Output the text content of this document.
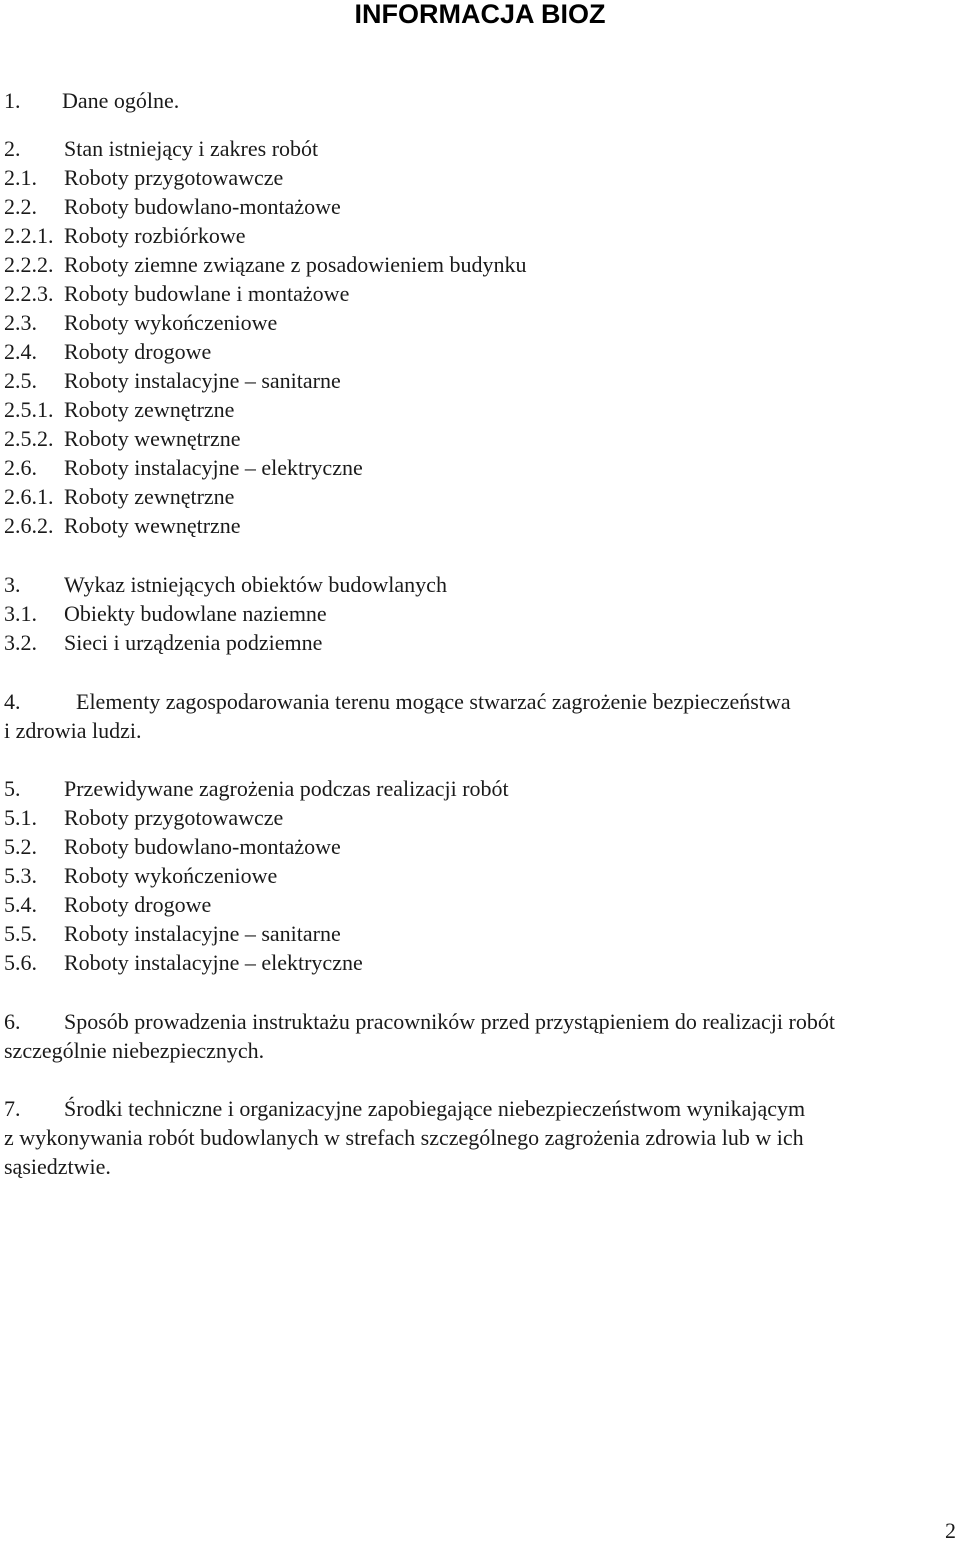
INFORMACJA BIOZ
1. Dane ogólne.
2. Stan istniejący i zakres robót
2.1. Roboty przygotowawcze
2.2. Roboty budowlano-montażowe
2.2.1. Roboty rozbiórkowe
2.2.2. Roboty ziemne związane z posadowieniem budynku
2.2.3. Roboty budowlane i montażowe
2.3. Roboty wykończeniowe
2.4. Roboty drogowe
2.5. Roboty instalacyjne – sanitarne
2.5.1. Roboty zewnętrzne
2.5.2. Roboty wewnętrzne
2.6. Roboty instalacyjne – elektryczne
2.6.1. Roboty zewnętrzne
2.6.2. Roboty wewnętrzne
3. Wykaz istniejących obiektów budowlanych
3.1. Obiekty budowlane naziemne
3.2. Sieci i urządzenia podziemne
4.	Elementy zagospodarowania terenu mogące stwarzać zagrożenie bezpieczeństwa
i zdrowia ludzi.
5. Przewidywane zagrożenia podczas realizacji robót
5.1. Roboty przygotowawcze
5.2. Roboty budowlano-montażowe
5.3. Roboty wykończeniowe
5.4. Roboty drogowe
5.5. Roboty instalacyjne – sanitarne
5.6. Roboty instalacyjne – elektryczne
6. Sposób prowadzenia instruktażu pracowników przed przystąpieniem do realizacji robót
szczególnie niebezpiecznych.
7. Środki techniczne i organizacyjne zapobiegające niebezpieczeństwom wynikającym
z wykonywania robót budowlanych w strefach szczególnego zagrożenia zdrowia lub w ich
sąsiedztwie.
2
